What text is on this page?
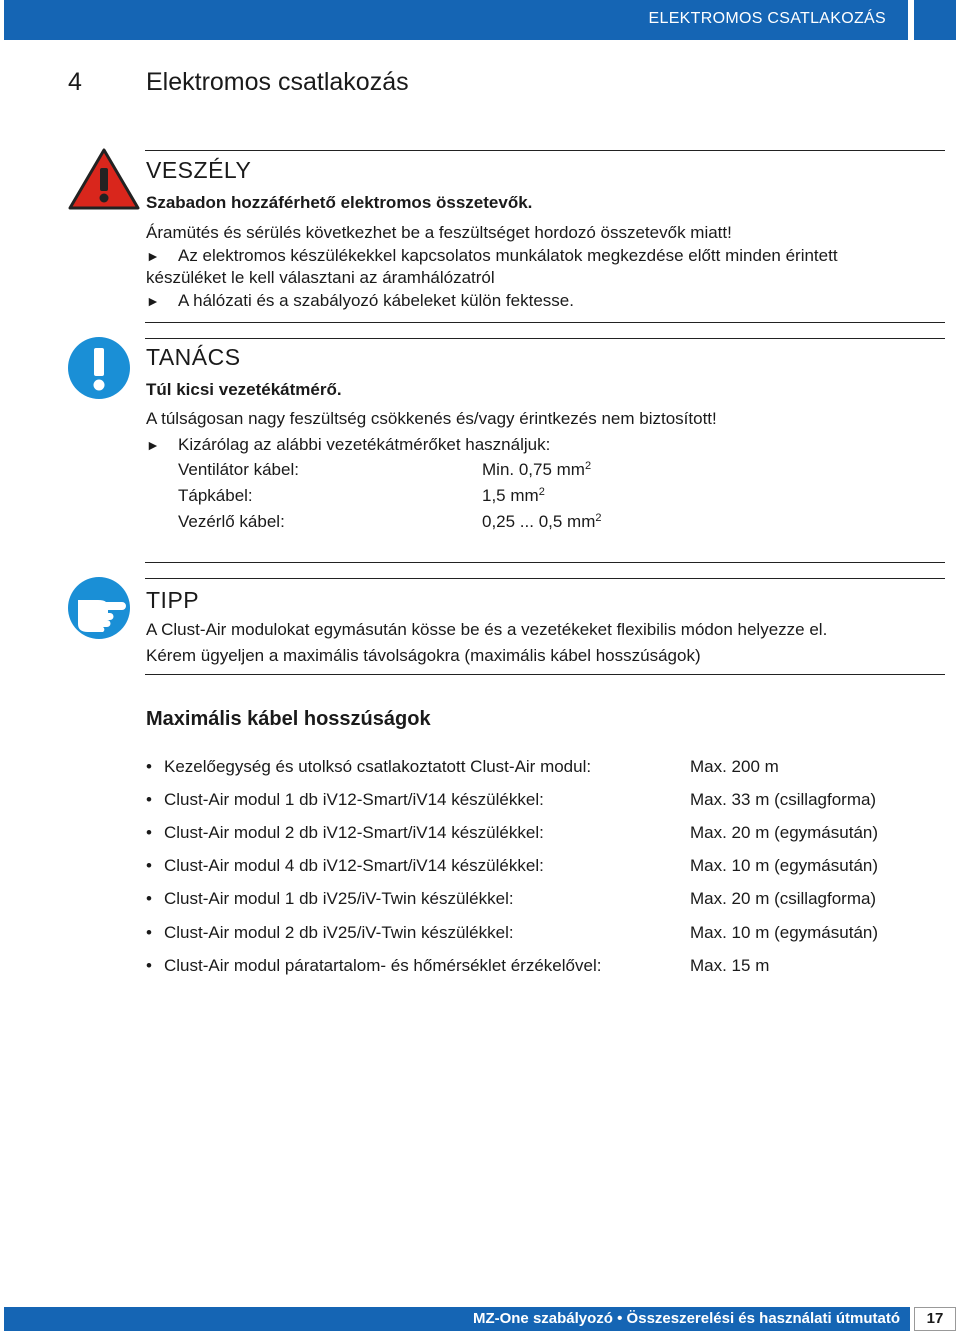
ELEKTROMOS CSATLAKOZÁS
4	Elektromos csatlakozás
VESZÉLY
Szabadon hozzáférhető elektromos összetevők.
Áramütés és sérülés következhet be a feszültséget hordozó összetevők miatt!
► Az elektromos készülékekkel kapcsolatos munkálatok megkezdése előtt minden érintett
készüléket le kell választani az áramhálózatról
► A hálózati és a szabályozó kábeleket külön fektesse.
TANÁCS
Túl kicsi vezetékátmérő.
A túlságosan nagy feszültség csökkenés és/vagy érintkezés nem biztosított!
► Kizárólag az alábbi vezetékátmérőket használjuk:
Ventilátor kábel:	Min. 0,75 $mm^2$
Tápkábel:	1,5 $mm^2$
Vezérlő kábel:	0,25 ... 0,5 $mm^2$
TIPP
A Clust-Air modulokat egymásután kösse be és a vezetékeket flexibilis módon helyezze el.
Kérem ügyeljen a maximális távolságokra (maximális kábel hosszúságok)
Maximális kábel hosszúságok
• Kezelőegység és utolksó csatlakoztatott Clust-Air modul:	Max. 200 m
• Clust-Air modul 1 db iV12-Smart/iV14 készülékkel:	Max. 33 m (csillagforma)
• Clust-Air modul 2 db iV12-Smart/iV14 készülékkel:	Max. 20 m (egymásután)
• Clust-Air modul 4 db iV12-Smart/iV14 készülékkel:	Max. 10 m (egymásután)
• Clust-Air modul 1 db iV25/iV-Twin készülékkel:	Max. 20 m (csillagforma)
• Clust-Air modul 2 db iV25/iV-Twin készülékkel:	Max. 10 m (egymásután)
• Clust-Air modul páratartalom- és hőmérséklet érzékelővel:	Max. 15 m
MZ-One szabályozó • Összeszerelési és használati útmutató	17
